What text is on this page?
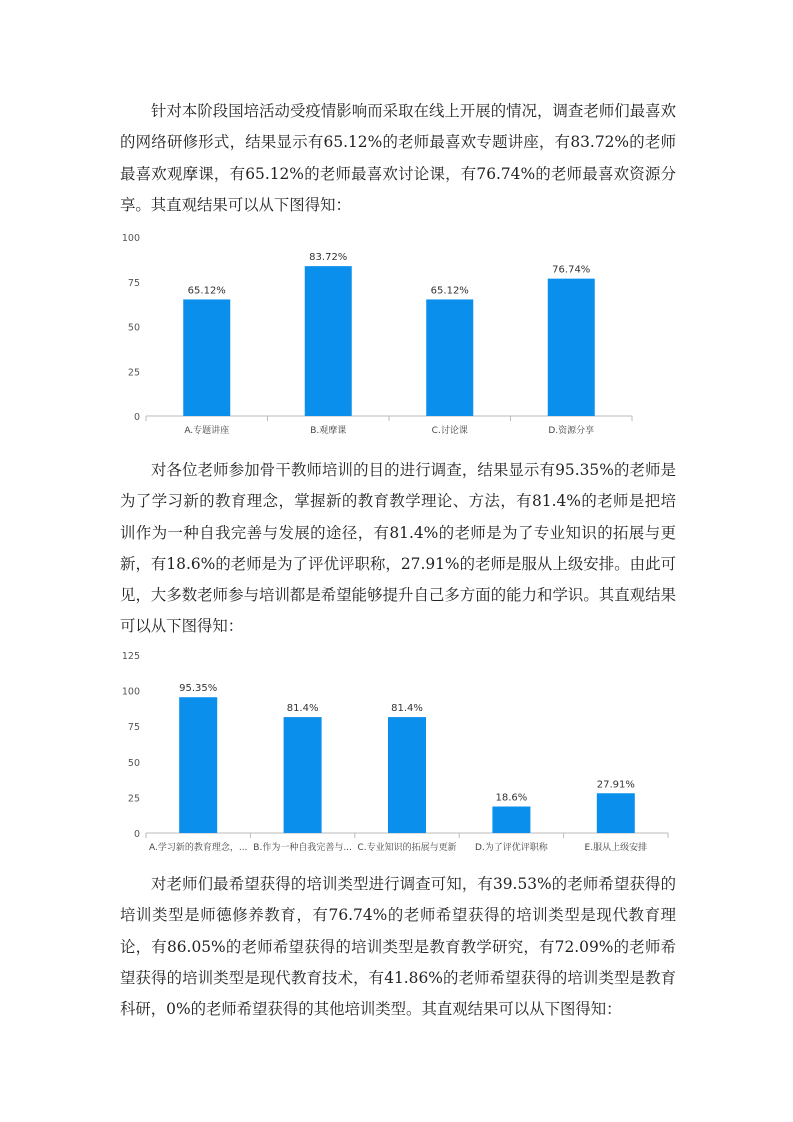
针对本阶段国培活动受疫情影响而采取在线上开展的情况，调查老师们最喜欢的网络研修形式，结果显示有65.12%的老师最喜欢专题讲座，有83.72%的老师最喜欢观摩课，有65.12%的老师最喜欢讨论课，有76.74%的老师最喜欢资源分享。其直观结果可以从下图得知：

0
25
50
75
100
65.12%
A.专题讲座
83.72%
B.观摩课
65.12%
C.讨论课
76.74%
D.资源分享

对各位老师参加骨干教师培训的目的进行调查，结果显示有95.35%的老师是为了学习新的教育理念，掌握新的教育教学理论、方法，有81.4%的老师是把培训作为一种自我完善与发展的途径，有81.4%的老师是为了专业知识的拓展与更新，有18.6%的老师是为了评优评职称，27.91%的老师是服从上级安排。由此可见，大多数老师参与培训都是希望能够提升自己多方面的能力和学识。其直观结果可以从下图得知：

0
25
50
75
100
125
95.35%
A.学习新的教育理念，...
81.4%
B.作为一种自我完善与...
81.4%
C.专业知识的拓展与更新
18.6%
D.为了评优评职称
27.91%
E.服从上级安排

对老师们最希望获得的培训类型进行调查可知，有39.53%的老师希望获得的培训类型是师德修养教育，有76.74%的老师希望获得的培训类型是现代教育理论，有86.05%的老师希望获得的培训类型是教育教学研究，有72.09%的老师希望获得的培训类型是现代教育技术，有41.86%的老师希望获得的培训类型是教育科研，0%的老师希望获得的其他培训类型。其直观结果可以从下图得知：
